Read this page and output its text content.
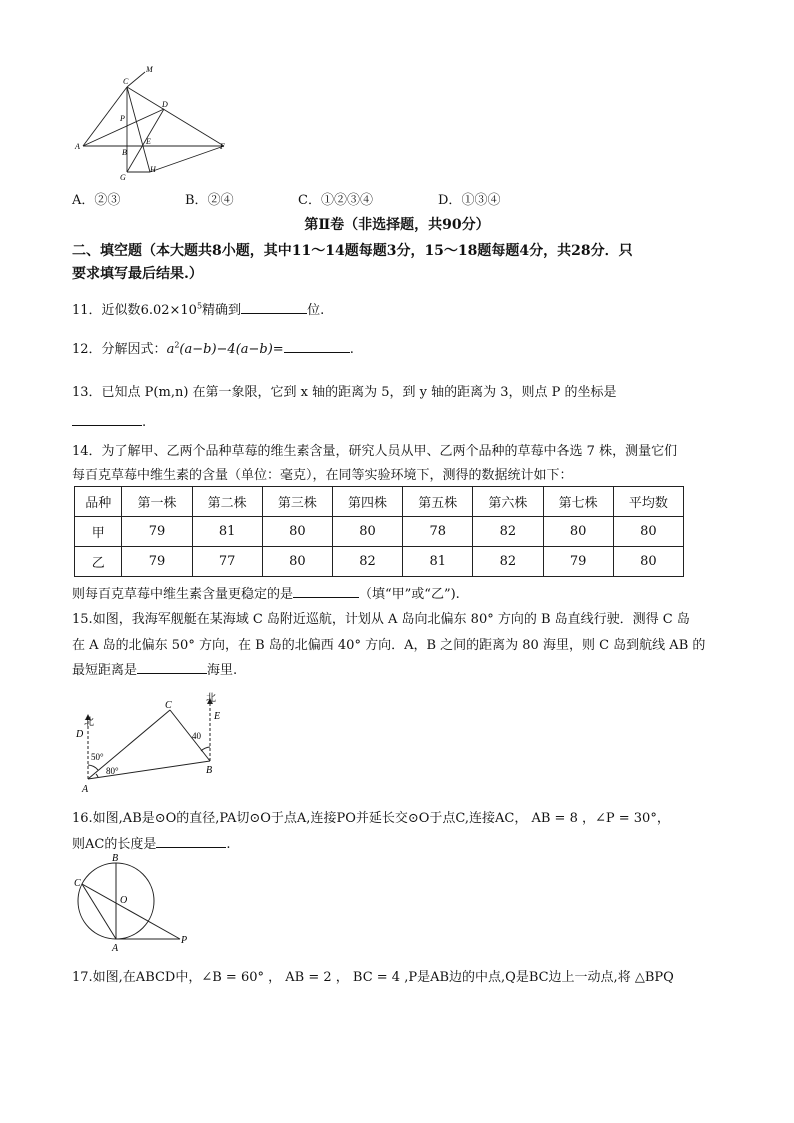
C
M
D
P
A
B
E
F
G
H
A．②③	B．②④	C．①②③④	D．①③④
第Ⅱ卷（非选择题，共90分）
二、填空题（本大题共8小题，其中11～14题每题3分，15～18题每题4分，共28分．只
要求填写最后结果.）
11．近似数$6.02\times 10^5$精确到	位.
12．分解因式：$a^2(a-b)-4(a-b)=$	.
13．已知点 P(m,n) 在第一象限，它到 x 轴的距离为 5，到 y 轴的距离为 3，则点 P 的坐标是
.
14．为了解甲、乙两个品种草莓的维生素含量，研究人员从甲、乙两个品种的草莓中各选 7 株，测量它们
每百克草莓中维生素的含量（单位：毫克），在同等实验环境下，测得的数据统计如下：
品种	第一株	第二株	第三株	第四株	第五株	第六株	第七株	平均数
甲	79	81	80	80	78	82	80	80
乙	79	77	80	82	81	82	79	80
则每百克草莓中维生素含量更稳定的是	（填“甲”或“乙”).
15.如图，我海军舰艇在某海域 C 岛附近巡航，计划从 A 岛向北偏东 80° 方向的 B 岛直线行驶．测得 C 岛
在 A 岛的北偏东 50° 方向，在 B 岛的北偏西 40° 方向．A，B 之间的距离为 80 海里，则 C 岛到航线 AB 的
最短距离是	海里.
北
北
D
E
A
B
C
50°
80°
40
16.如图,AB是⊙O的直径,PA切⊙O于点A,连接PO并延长交⊙O于点C,连接AC， AB = 8 ，∠P = 30°，
则AC的长度是	.
B
C
O
A
P
17.如图,在ABCD中，∠B = 60° ， AB = 2 ， BC = 4 ,P是AB边的中点,Q是BC边上一动点,将 △BPQ
